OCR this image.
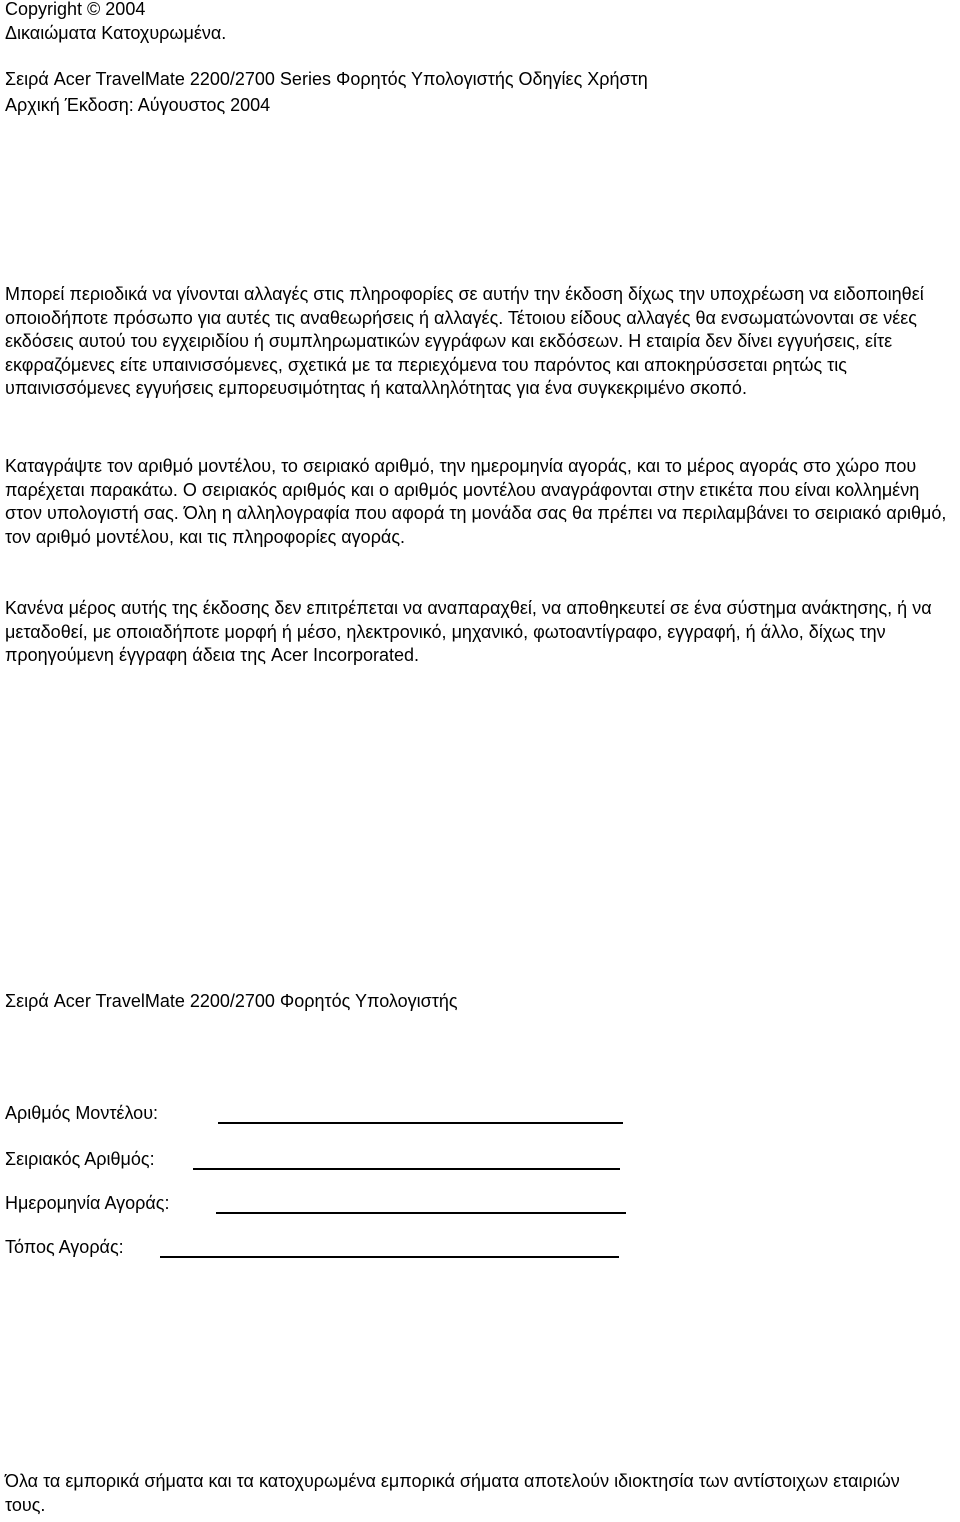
Copyright © 2004
Δικαιώματα Κατοχυρωμένα.
Σειρά Acer TravelMate 2200/2700 Series Φορητός Υπολογιστής Οδηγίες Χρήστη
Αρχική Έκδοση: Αύγουστος 2004
Μπορεί περιοδικά να γίνονται αλλαγές στις πληροφορίες σε αυτήν την έκδοση δίχως την υποχρέωση να ειδοποιηθεί οποιοδήποτε πρόσωπο για αυτές τις αναθεωρήσεις ή αλλαγές. Τέτοιου είδους αλλαγές θα ενσωματώνονται σε νέες εκδόσεις αυτού του εγχειριδίου ή συμπληρωματικών εγγράφων και εκδόσεων. Η εταιρία δεν δίνει εγγυήσεις, είτε εκφραζόμενες είτε υπαινισσόμενες, σχετικά με τα περιεχόμενα του παρόντος και αποκηρύσσεται ρητώς τις υπαινισσόμενες εγγυήσεις εμπορευσιμότητας ή καταλληλότητας για ένα συγκεκριμένο σκοπό.
Καταγράψτε τον αριθμό μοντέλου, το σειριακό αριθμό, την ημερομηνία αγοράς, και το μέρος αγοράς στο χώρο που παρέχεται παρακάτω. Ο σειριακός αριθμός και ο αριθμός μοντέλου αναγράφονται στην ετικέτα που είναι κολλημένη στον υπολογιστή σας. Όλη η αλληλογραφία που αφορά τη μονάδα σας θα πρέπει να περιλαμβάνει το σειριακό αριθμό, τον αριθμό μοντέλου, και τις πληροφορίες αγοράς.
Κανένα μέρος αυτής της έκδοσης δεν επιτρέπεται να αναπαραχθεί, να αποθηκευτεί σε ένα σύστημα ανάκτησης, ή να μεταδοθεί, με οποιαδήποτε μορφή ή μέσο, ηλεκτρονικό, μηχανικό, φωτοαντίγραφο, εγγραφή, ή άλλο, δίχως την προηγούμενη έγγραφη άδεια της Acer Incorporated.
Σειρά Acer TravelMate 2200/2700 Φορητός Υπολογιστής
Αριθμός Μοντέλου:
Σειριακός Αριθμός:
Ημερομηνία Αγοράς:
Τόπος Αγοράς:
Όλα τα εμπορικά σήματα και τα κατοχυρωμένα εμπορικά σήματα αποτελούν ιδιοκτησία των αντίστοιχων εταιριών τους.
